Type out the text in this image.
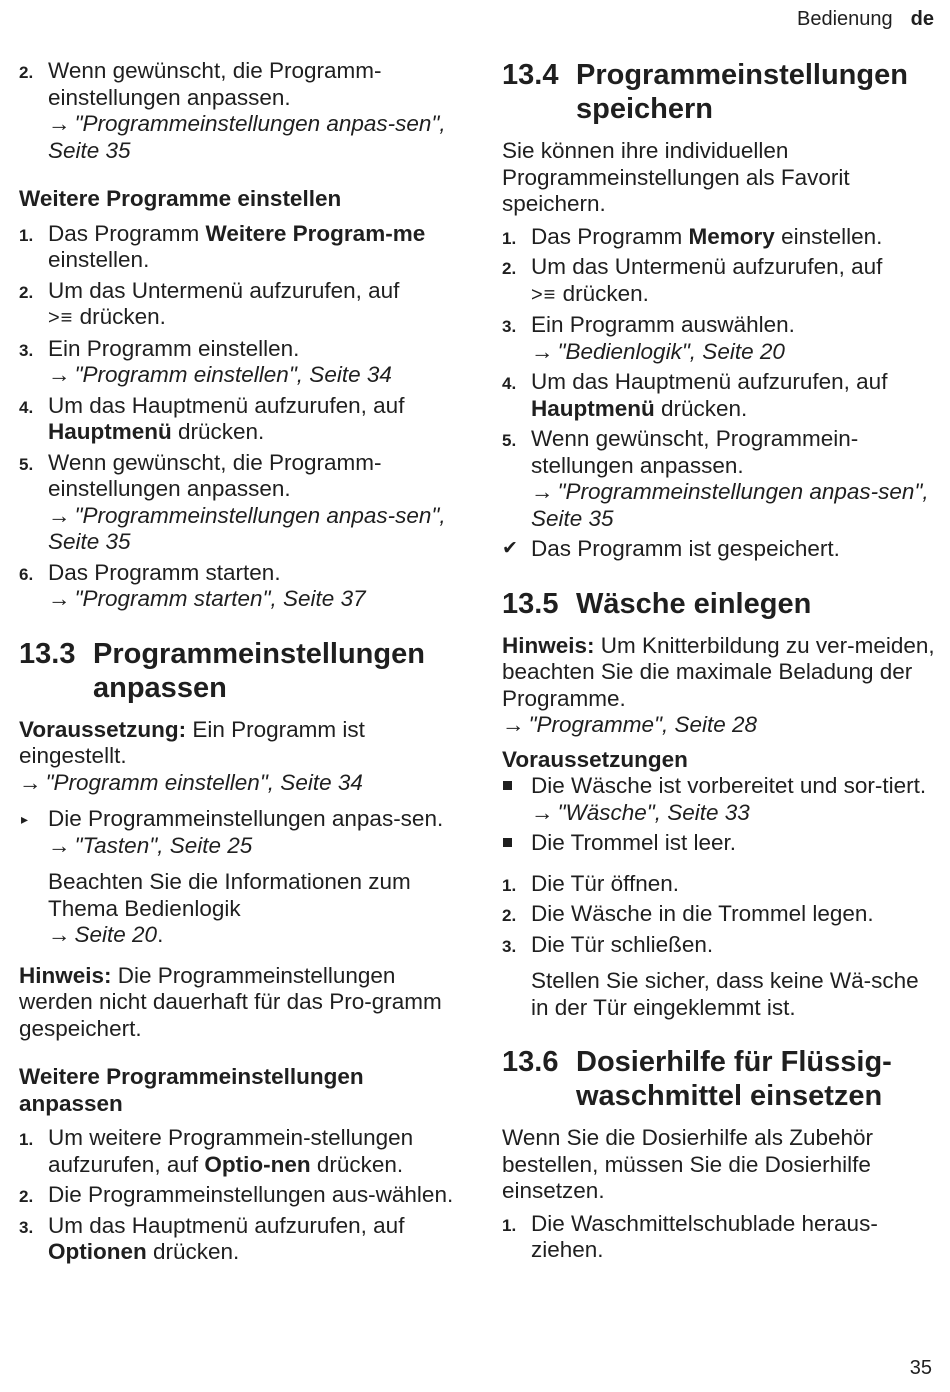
Bedienung de
2. Wenn gewünscht, die Programm-einstellungen anpassen.

→ "Programmeinstellungen anpas-sen", Seite 35
Weitere Programme einstellen
1. Das Programm Weitere Program-me einstellen.

2. Um das Untermenü aufzurufen, auf
>≡ drücken.

3. Ein Programm einstellen.

→ "Programm einstellen", Seite 34
4. Um das Hauptmenü aufzurufen, auf Hauptmenü drücken.

5. Wenn gewünscht, die Programm-einstellungen anpassen.

→ "Programmeinstellungen anpas-sen", Seite 35
6. Das Programm starten.

→ "Programm starten", Seite 37
13.3 Programmeinstellungen anpassen

Voraussetzung: Ein Programm ist eingestellt.
→ "Programm einstellen", Seite 34

▸ Die Programmeinstellungen anpas-sen.

→ "Tasten", Seite 25

Beachten Sie die Informationen zum Thema Bedienlogik

→ Seite 20.

Hinweis: Die Programmeinstellungen werden nicht dauerhaft für das Pro-gramm gespeichert.

Weitere Programmeinstellungen anpassen
1. Um weitere Programmein-stellungen aufzurufen, auf Optio-nen drücken.

2. Die Programmeinstellungen aus-wählen.

3. Um das Hauptmenü aufzurufen, auf Optionen drücken.

13.4 Programmeinstellungen speichern

Sie können ihre individuellen Programmeinstellungen als Favorit speichern.

1. Das Programm Memory einstellen.

2. Um das Untermenü aufzurufen, auf
>≡ drücken.

3. Ein Programm auswählen.

→ "Bedienlogik", Seite 20
4. Um das Hauptmenü aufzurufen, auf Hauptmenü drücken.

5. Wenn gewünscht, Programmein-stellungen anpassen.

→ "Programmeinstellungen anpas-sen", Seite 35
✔ Das Programm ist gespeichert.

13.5 Wäsche einlegen

Hinweis: Um Knitterbildung zu ver-meiden, beachten Sie die maximale Beladung der Programme.
→ "Programme", Seite 28

Voraussetzungen

Die Wäsche ist vorbereitet und sor-tiert.

→ "Wäsche", Seite 33

Die Trommel ist leer.

1. Die Tür öffnen.

2. Die Wäsche in die Trommel legen.

3. Die Tür schließen.

Stellen Sie sicher, dass keine Wä-sche in der Tür eingeklemmt ist.

13.6 Dosierhilfe für Flüssig-waschmittel einsetzen

Wenn Sie die Dosierhilfe als Zubehör bestellen, müssen Sie die Dosierhilfe einsetzen.

1. Die Waschmittelschublade heraus-ziehen.

35
